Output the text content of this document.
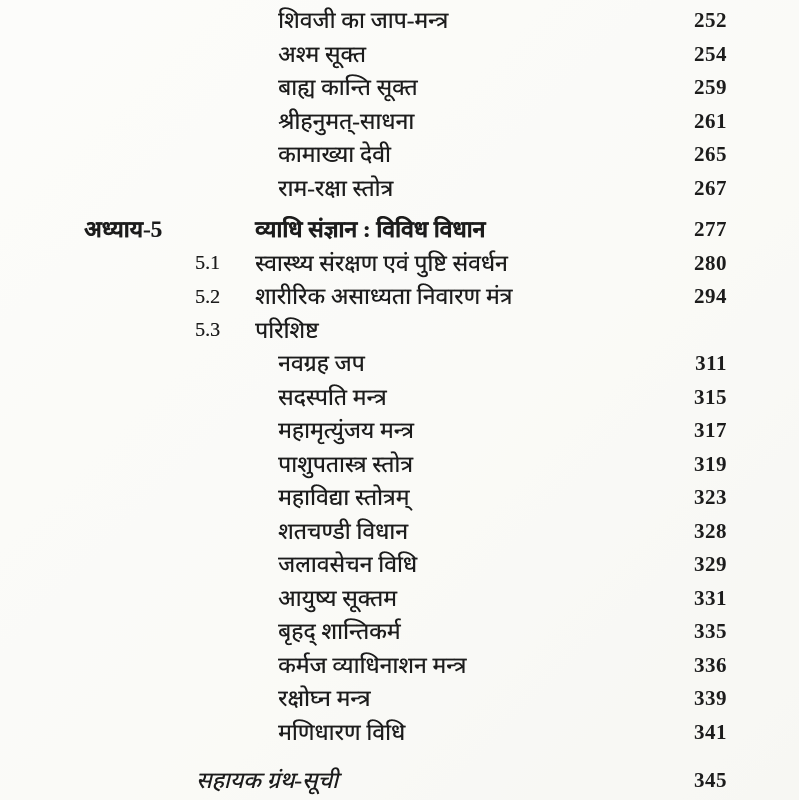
शिवजी का जाप-मन्त्र	252
अश्म सूक्त	254
बाह्य कान्ति सूक्त	259
श्रीहनुमत्-साधना	261
कामाख्या देवी	265
राम-रक्षा स्तोत्र	267
अध्याय-5	व्याधि संज्ञान : विविध विधान	277
5.1	स्वास्थ्य संरक्षण एवं पुष्टि संवर्धन	280
5.2	शारीरिक असाध्यता निवारण मंत्र	294
5.3	परिशिष्ट
नवग्रह जप	311
सदस्पति मन्त्र	315
महामृत्युंजय मन्त्र	317
पाशुपतास्त्र स्तोत्र	319
महाविद्या स्तोत्रम्	323
शतचण्डी विधान	328
जलावसेचन विधि	329
आयुष्य सूक्तम	331
बृहद् शान्तिकर्म	335
कर्मज व्याधिनाशन मन्त्र	336
रक्षोघ्न मन्त्र	339
मणिधारण विधि	341
सहायक ग्रंथ-सूची	345
